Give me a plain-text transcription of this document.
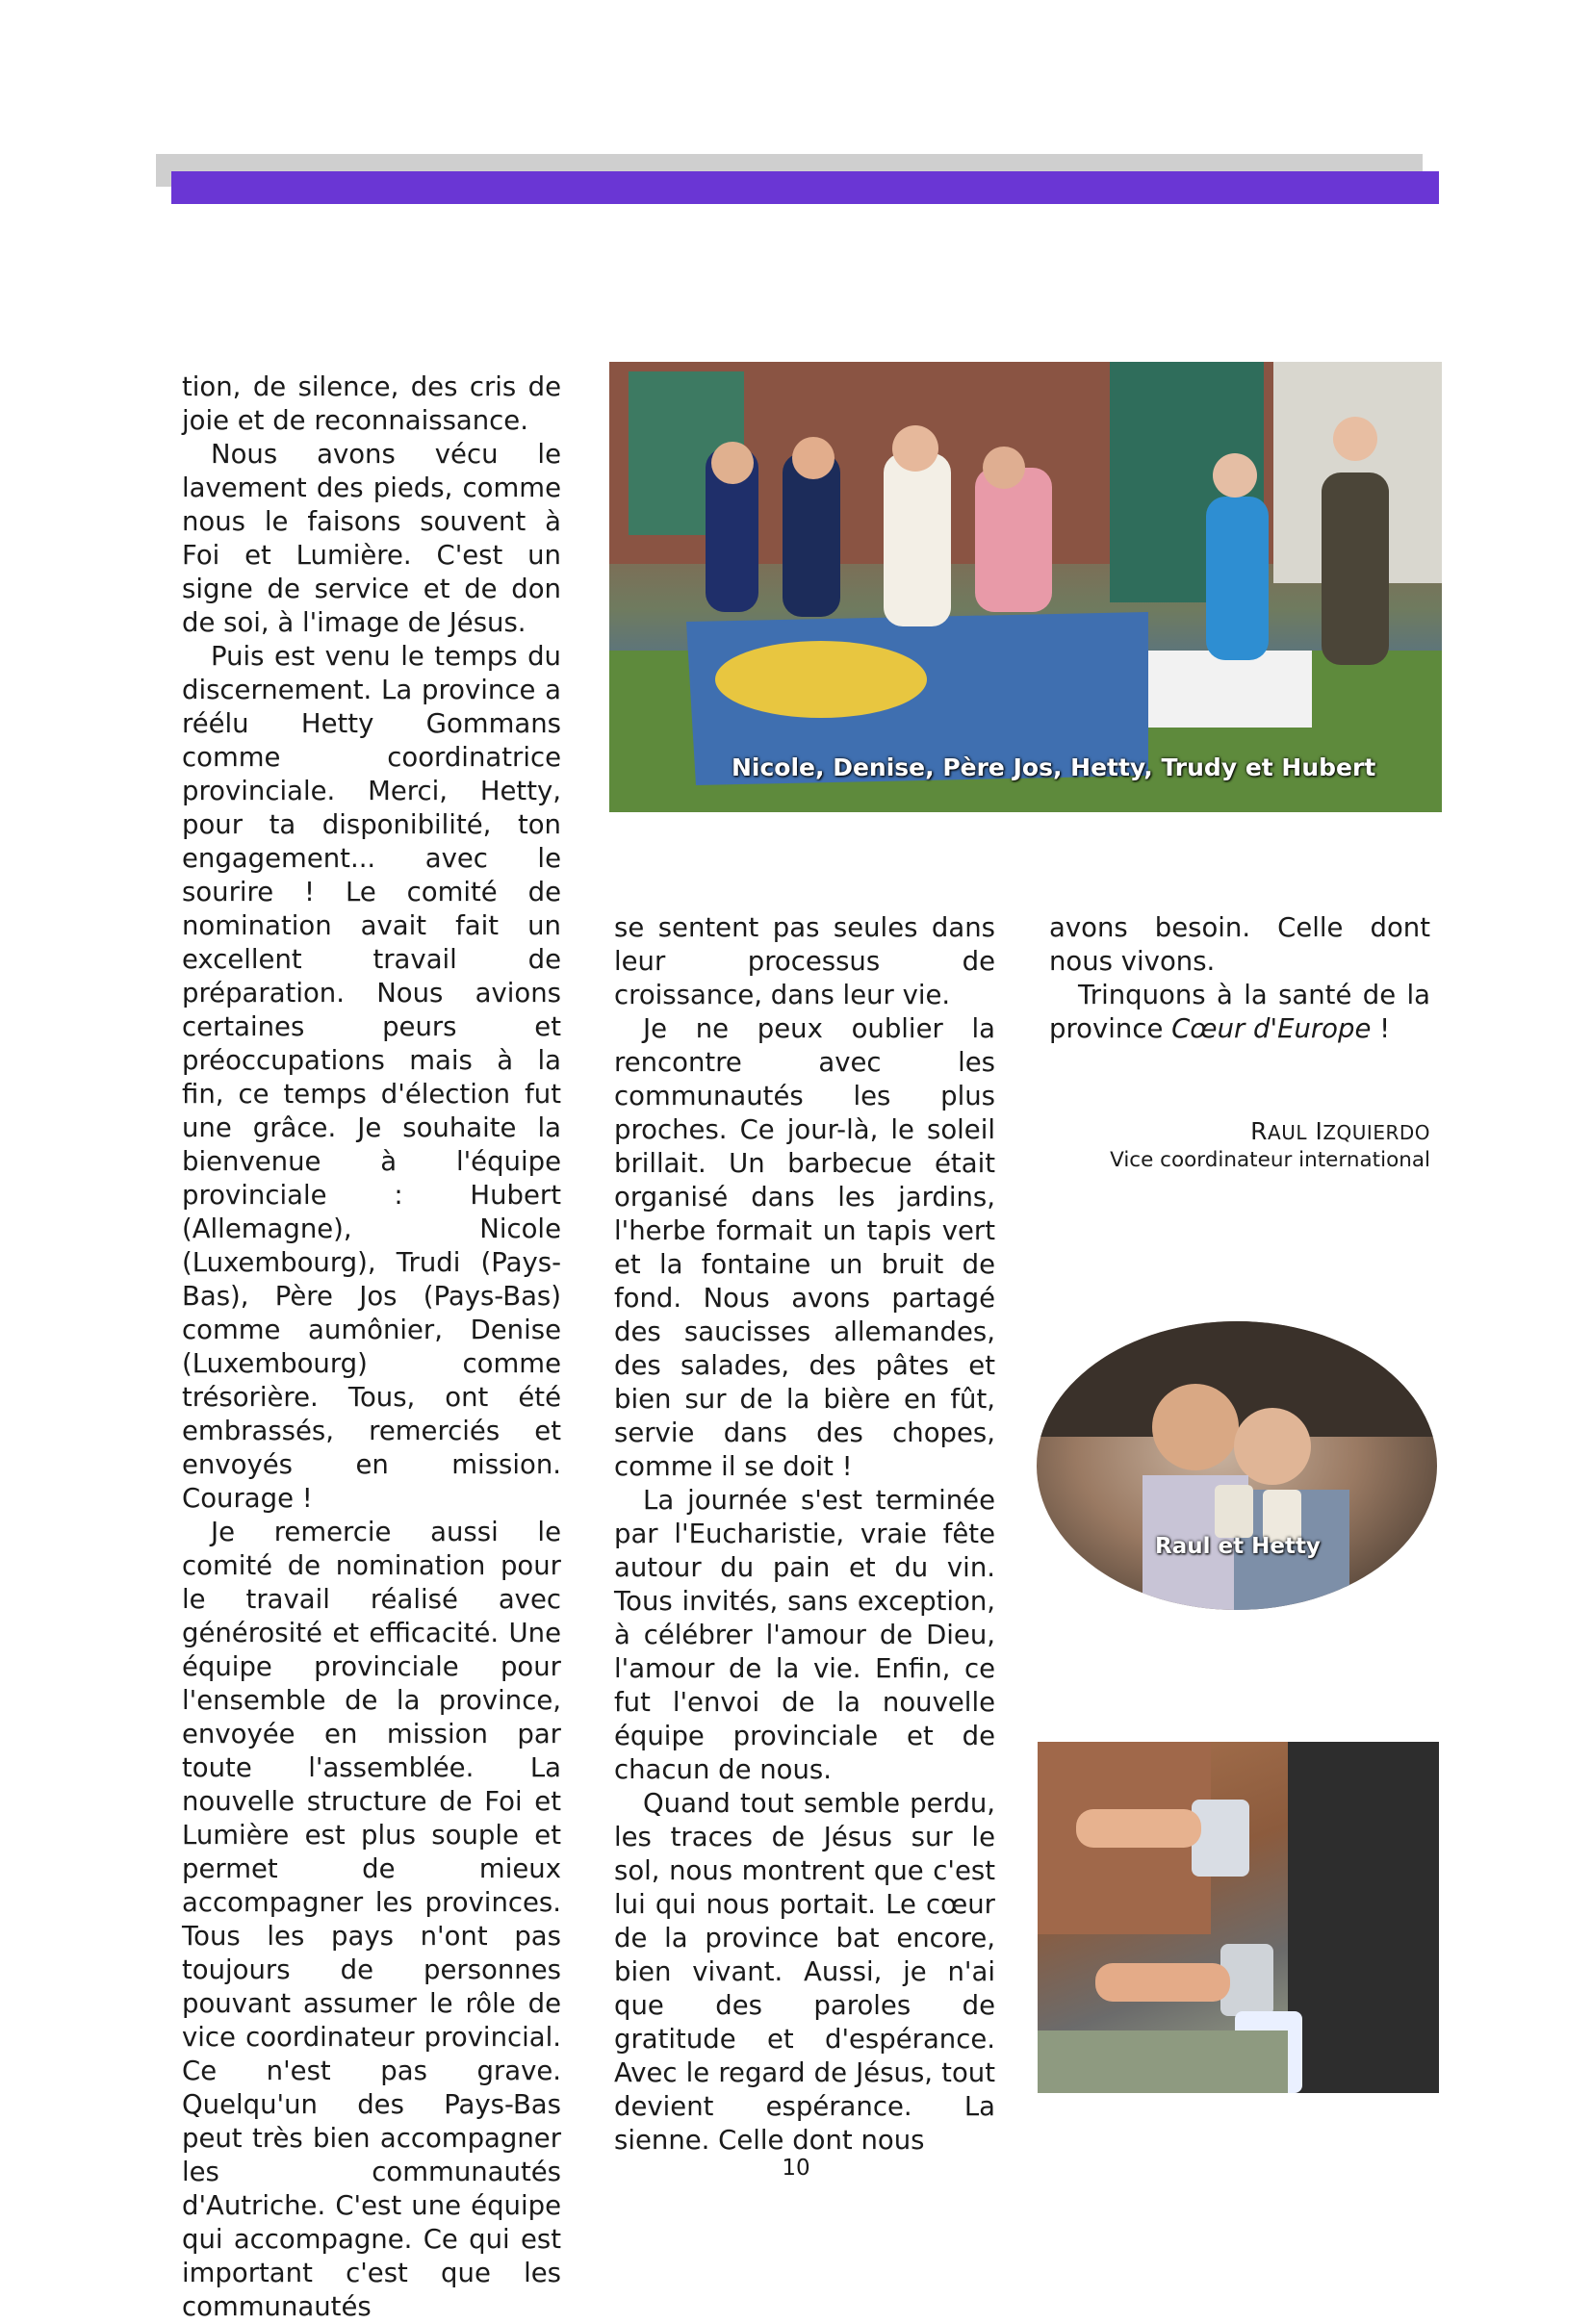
tion, de silence, des cris de joie et de reconnaissance.

Nous avons vécu le lavement des pieds, comme nous le faisons souvent à Foi et Lumière. C'est un signe de service et de don de soi, à l'image de Jésus.

Puis est venu le temps du discernement. La province a réélu Hetty Gommans comme coordinatrice provinciale. Merci, Hetty, pour ta disponibilité, ton engagement... avec le sourire ! Le comité de nomination avait fait un excellent travail de préparation. Nous avions certaines peurs et préoccupations mais à la fin, ce temps d'élection fut une grâce. Je souhaite la bienvenue à l'équipe provinciale : Hubert (Allemagne), Nicole (Luxembourg), Trudi (Pays-Bas), Père Jos (Pays-Bas) comme aumônier, Denise (Luxembourg) comme trésorière. Tous, ont été embrassés, remerciés et envoyés en mission. Courage !

Je remercie aussi le comité de nomination pour le travail réalisé avec générosité et efficacité. Une équipe provinciale pour l'ensemble de la province, envoyée en mission par toute l'assemblée. La nouvelle structure de Foi et Lumière est plus souple et permet de mieux accompagner les provinces. Tous les pays n'ont pas toujours de personnes pouvant assumer le rôle de vice coordinateur provincial. Ce n'est pas grave. Quelqu'un des Pays-Bas peut très bien accompagner les communautés d'Autriche. C'est une équipe qui accompagne. Ce qui est important c'est que les communautés

Nicole, Denise, Père Jos, Hetty, Trudy et Hubert

se sentent pas seules dans leur processus de croissance, dans leur vie.

Je ne peux oublier la rencontre avec les communautés les plus proches. Ce jour-là, le soleil brillait. Un barbecue était organisé dans les jardins, l'herbe formait un tapis vert et la fontaine un bruit de fond. Nous avons partagé des saucisses allemandes, des salades, des pâtes et bien sur de la bière en fût, servie dans des chopes, comme il se doit !

La journée s'est terminée par l'Eucharistie, vraie fête autour du pain et du vin. Tous invités, sans exception, à célébrer l'amour de Dieu, l'amour de la vie. Enfin, ce fut l'envoi de la nouvelle équipe provinciale et de chacun de nous.

Quand tout semble perdu, les traces de Jésus sur le sol, nous montrent que c'est lui qui nous portait. Le cœur de la province bat encore, bien vivant. Aussi, je n'ai que des paroles de gratitude et d'espérance. Avec le regard de Jésus, tout devient espérance. La sienne. Celle dont nous

avons besoin. Celle dont nous vivons.

Trinquons à la santé de la province Cœur d'Europe !

RAUL IZQUIERDO
Vice coordinateur international
Raul et Hetty
10
